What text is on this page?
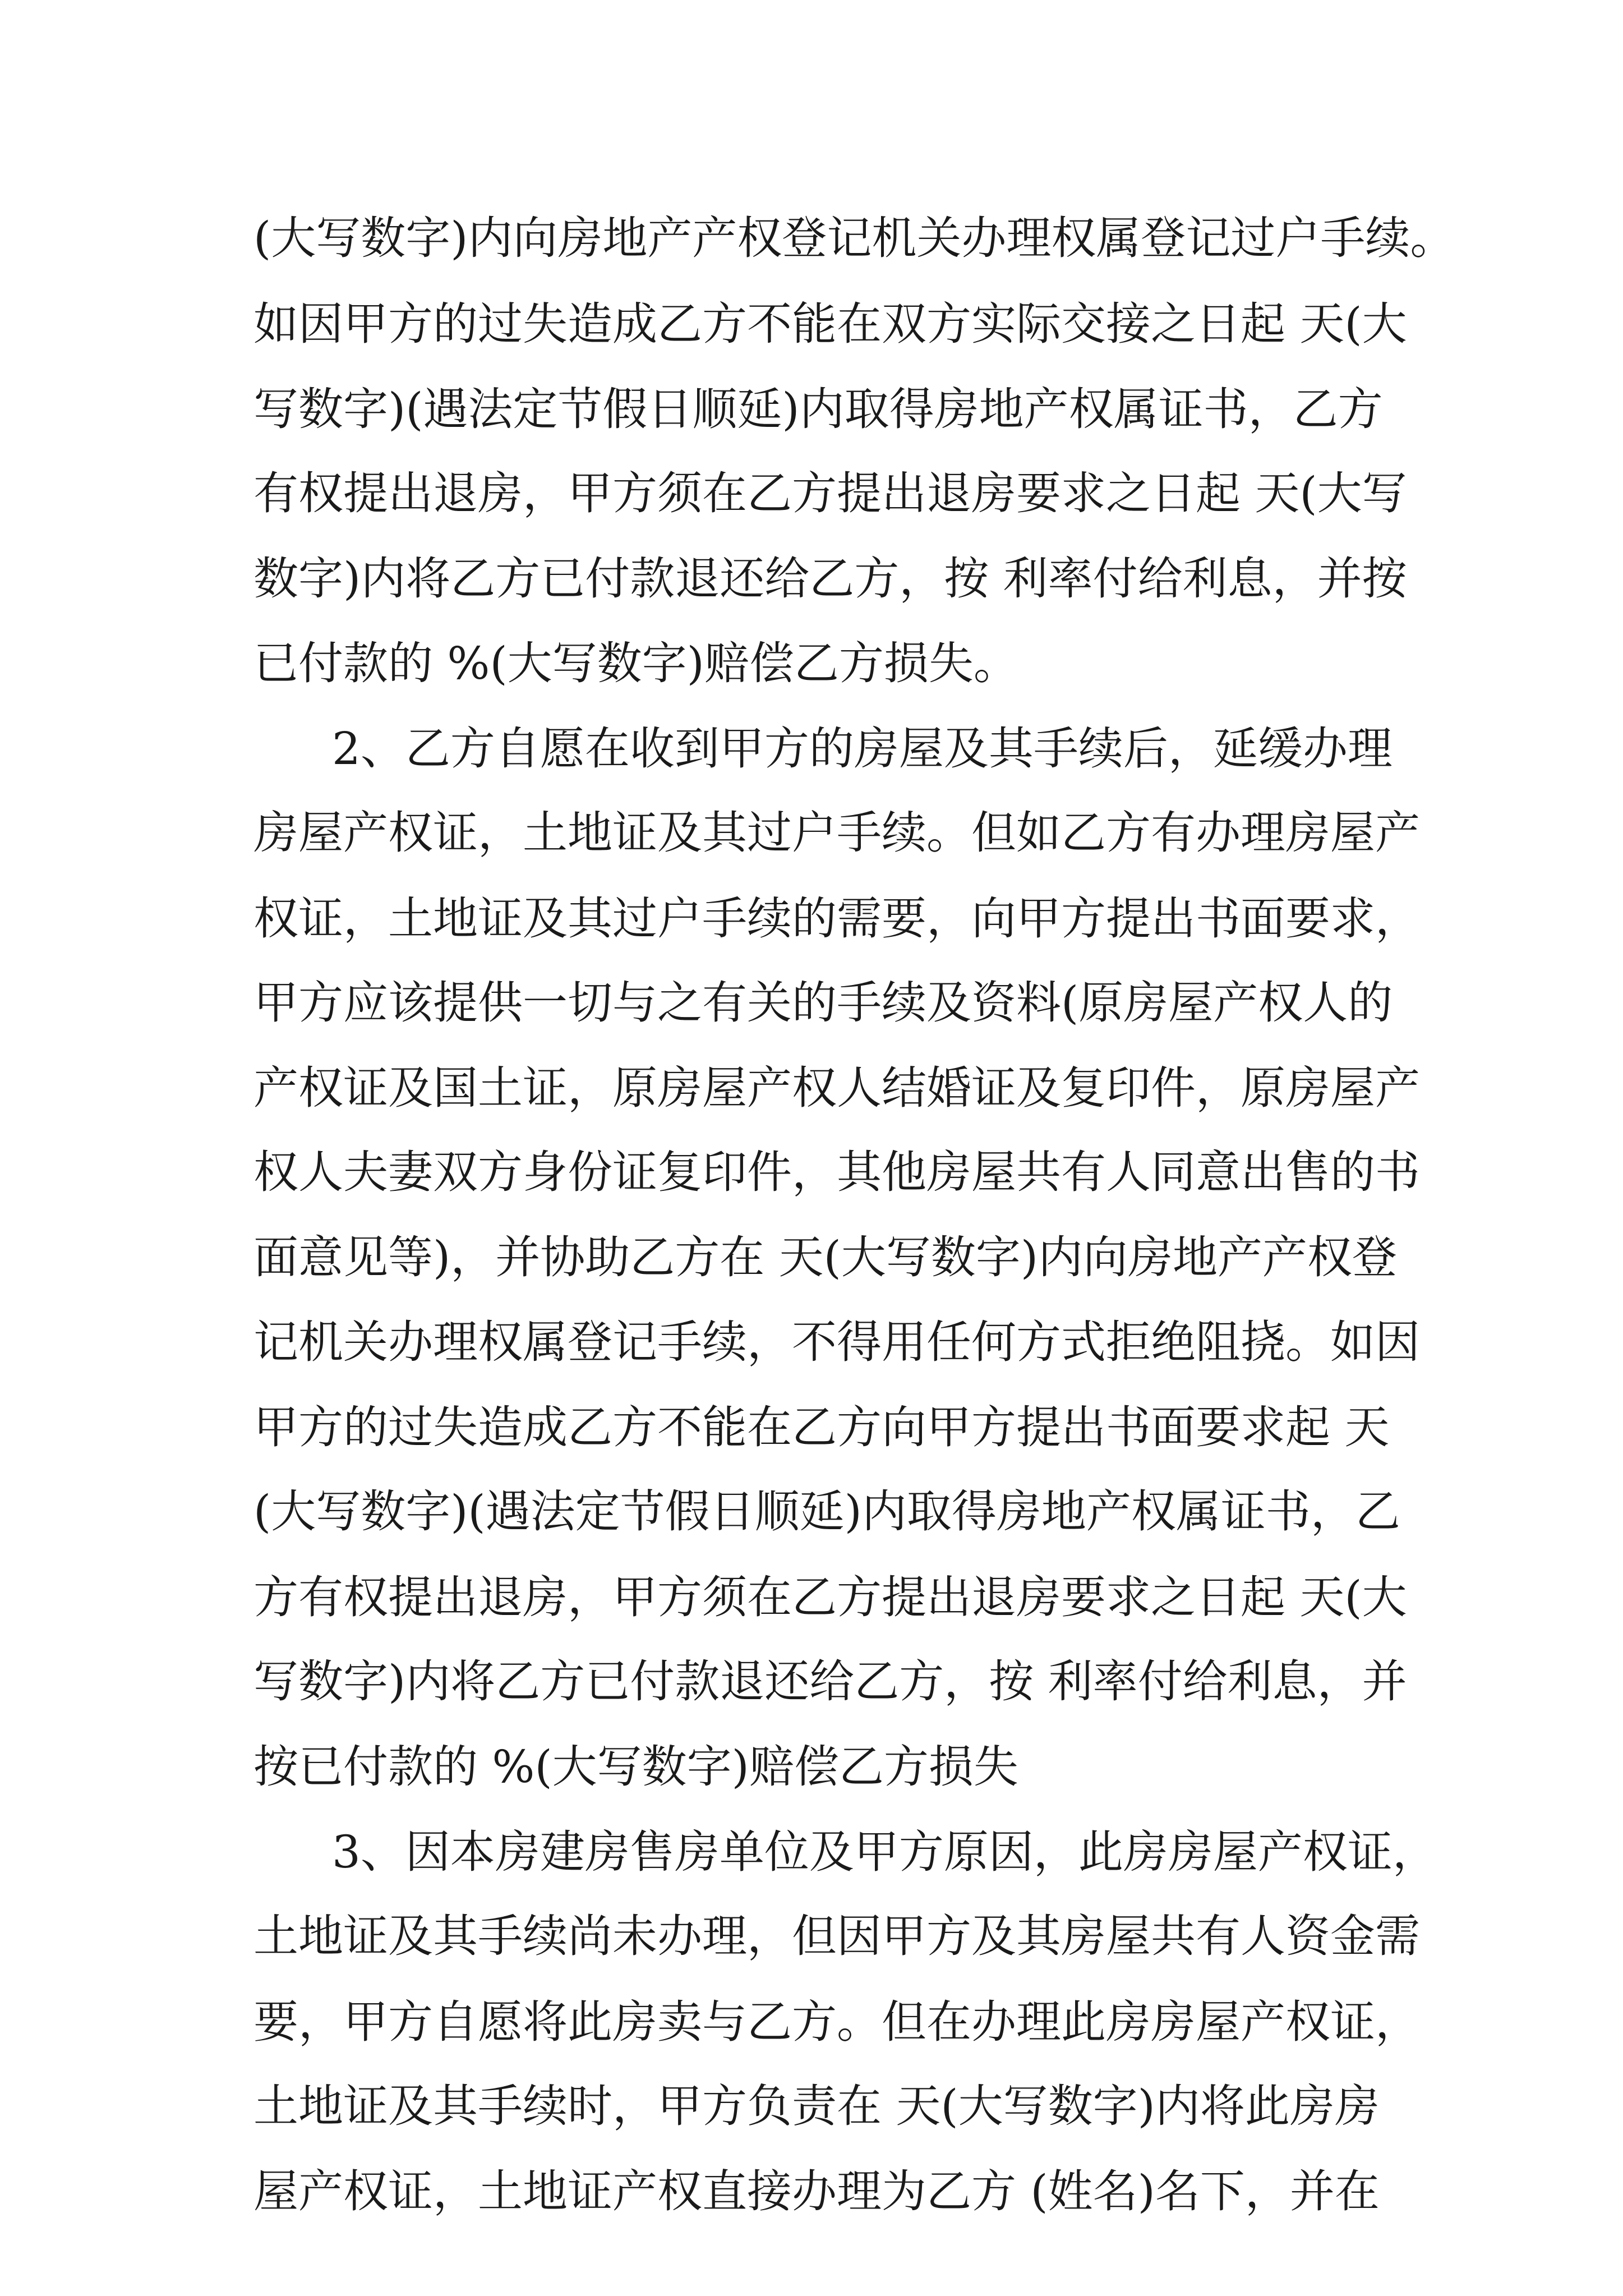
(大写数字)内向房地产产权登记机关办理权属登记过户手续。

如因甲方的过失造成乙方不能在双方实际交接之日起 天(大

写数字)(遇法定节假日顺延)内取得房地产权属证书，乙方

有权提出退房，甲方须在乙方提出退房要求之日起 天(大写

数字)内将乙方已付款退还给乙方，按 利率付给利息，并按

已付款的 %(大写数字)赔偿乙方损失。

2、乙方自愿在收到甲方的房屋及其手续后，延缓办理

房屋产权证，土地证及其过户手续。但如乙方有办理房屋产

权证，土地证及其过户手续的需要，向甲方提出书面要求，

甲方应该提供一切与之有关的手续及资料(原房屋产权人的

产权证及国土证，原房屋产权人结婚证及复印件，原房屋产

权人夫妻双方身份证复印件，其他房屋共有人同意出售的书

面意见等)，并协助乙方在 天(大写数字)内向房地产产权登

记机关办理权属登记手续，不得用任何方式拒绝阻挠。如因

甲方的过失造成乙方不能在乙方向甲方提出书面要求起 天

(大写数字)(遇法定节假日顺延)内取得房地产权属证书，乙

方有权提出退房，甲方须在乙方提出退房要求之日起 天(大

写数字)内将乙方已付款退还给乙方，按 利率付给利息，并

按已付款的 %(大写数字)赔偿乙方损失

3、因本房建房售房单位及甲方原因，此房房屋产权证，

土地证及其手续尚未办理，但因甲方及其房屋共有人资金需

要，甲方自愿将此房卖与乙方。但在办理此房房屋产权证，

土地证及其手续时，甲方负责在 天(大写数字)内将此房房

屋产权证，土地证产权直接办理为乙方 (姓名)名下，并在
